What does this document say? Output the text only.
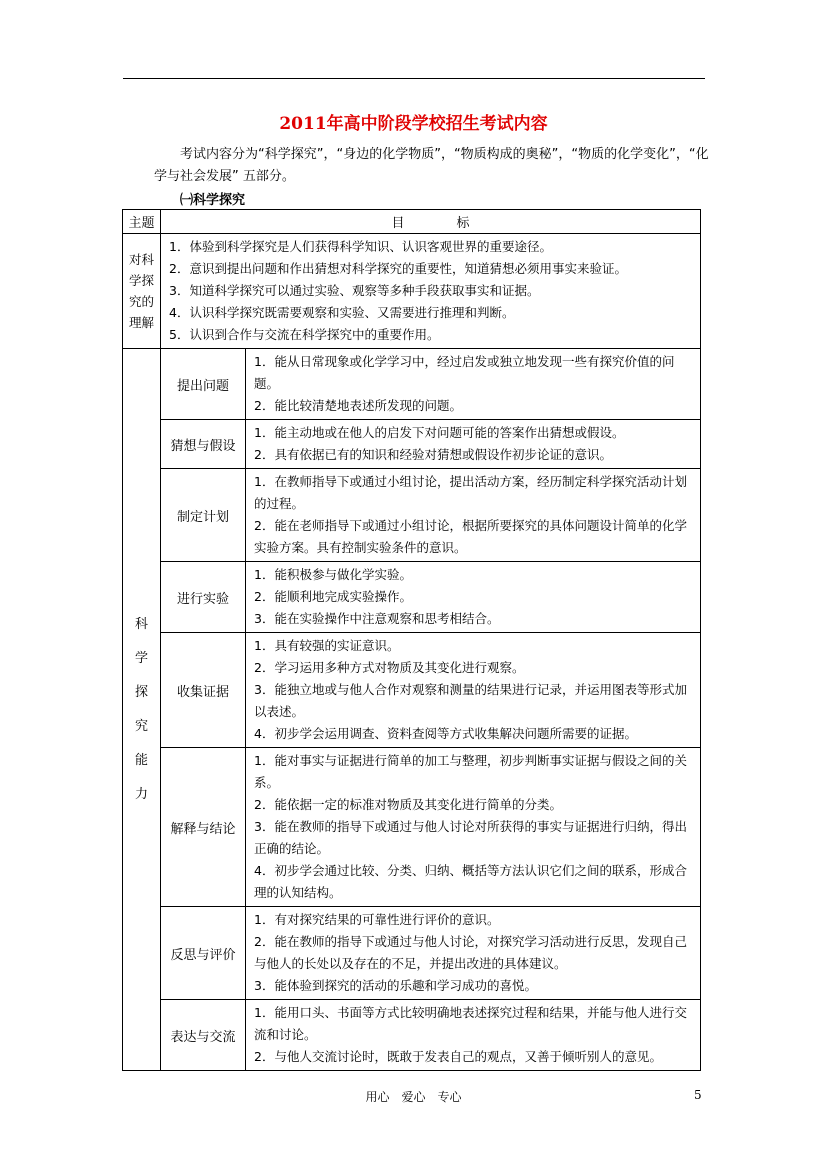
2011年高中阶段学校招生考试内容
考试内容分为“科学探究”，“身边的化学物质”，“物质构成的奥秘”，“物质的化学变化”，“化学与社会发展” 五部分。
㈠科学探究
主题	目标	
对科学探究的理解	1．体验到科学探究是人们获得科学知识、认识客观世界的重要途径。

2．意识到提出问题和作出猜想对科学探究的重要性，知道猜想必须用事实来验证。

3．知道科学探究可以通过实验、观察等多种手段获取事实和证据。

4．认识科学探究既需要观察和实验、又需要进行推理和判断。

5．认识到合作与交流在科学探究中的重要作用。	

科学探究能力	提出问题	1．能从日常现象或化学学习中，经过启发或独立地发现一些有探究价值的问题。

2．能比较清楚地表述所发现的问题。

	猜想与假设	1．能主动地或在他人的启发下对问题可能的答案作出猜想或假设。

2．具有依据已有的知识和经验对猜想或假设作初步论证的意识。

	制定计划	1．在教师指导下或通过小组讨论，提出活动方案，经历制定科学探究活动计划的过程。

2．能在老师指导下或通过小组讨论，根据所要探究的具体问题设计简单的化学实验方案。具有控制实验条件的意识。

	进行实验	1．能积极参与做化学实验。

2．能顺利地完成实验操作。

3．能在实验操作中注意观察和思考相结合。

	收集证据	1．具有较强的实证意识。

2．学习运用多种方式对物质及其变化进行观察。

3．能独立地或与他人合作对观察和测量的结果进行记录，并运用图表等形式加以表述。

4．初步学会运用调查、资料查阅等方式收集解决问题所需要的证据。

	解释与结论	1．能对事实与证据进行简单的加工与整理，初步判断事实证据与假设之间的关系。

2．能依据一定的标准对物质及其变化进行简单的分类。

3．能在教师的指导下或通过与他人讨论对所获得的事实与证据进行归纳，得出正确的结论。

4．初步学会通过比较、分类、归纳、概括等方法认识它们之间的联系，形成合理的认知结构。

	反思与评价	1．有对探究结果的可靠性进行评价的意识。

2．能在教师的指导下或通过与他人讨论，对探究学习活动进行反思，发现自己与他人的长处以及存在的不足，并提出改进的具体建议。

3．能体验到探究的活动的乐趣和学习成功的喜悦。

	表达与交流	1．能用口头、书面等方式比较明确地表述探究过程和结果，并能与他人进行交流和讨论。

2．与他人交流讨论时，既敢于发表自己的观点，又善于倾听别人的意见。

用心　爱心　专心	5
